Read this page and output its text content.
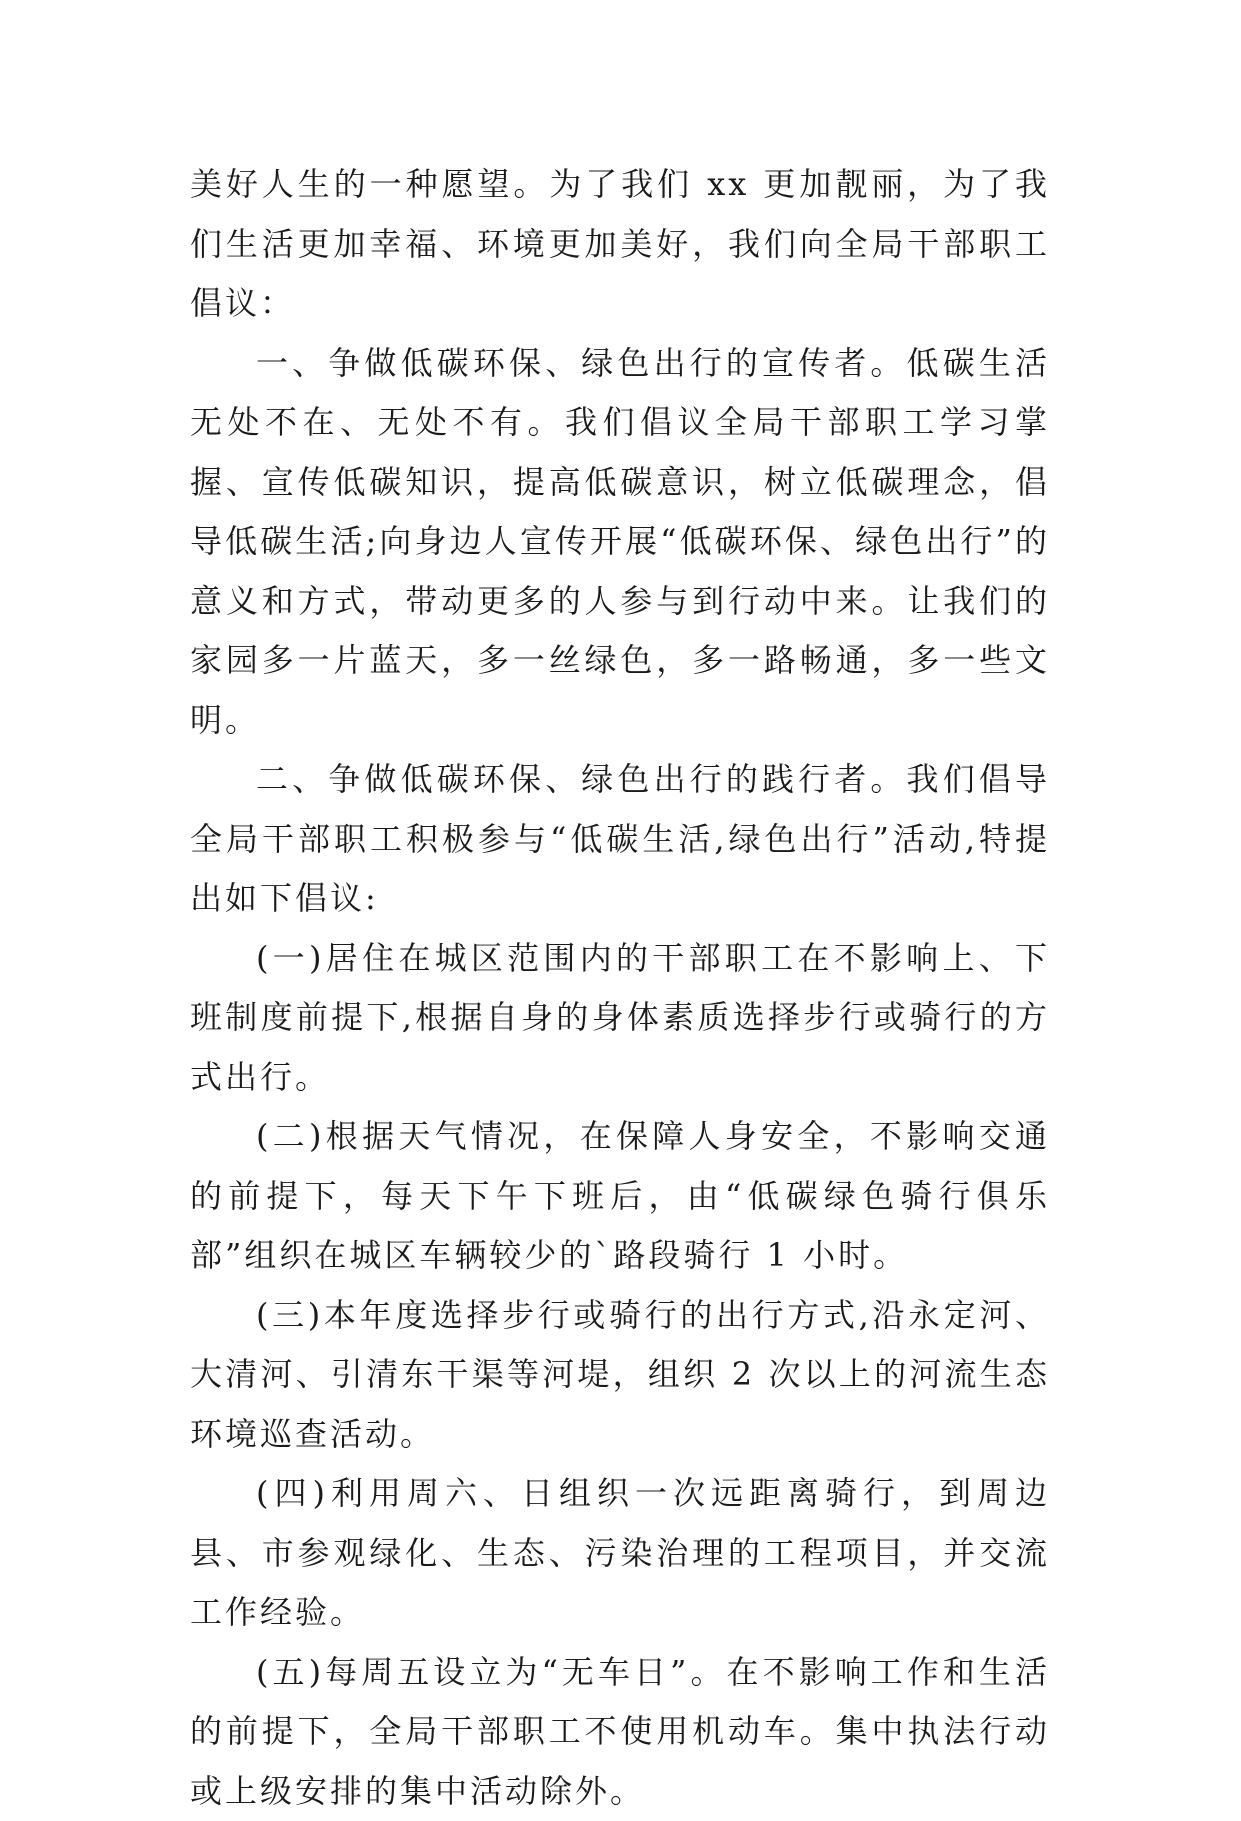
美好人生的一种愿望。为了我们 xx 更加靓丽，为了我们生活更加幸福、环境更加美好，我们向全局干部职工倡议：

一、争做低碳环保、绿色出行的宣传者。低碳生活无处不在、无处不有。我们倡议全局干部职工学习掌握、宣传低碳知识，提高低碳意识，树立低碳理念，倡导低碳生活;向身边人宣传开展“低碳环保、绿色出行”的意义和方式，带动更多的人参与到行动中来。让我们的家园多一片蓝天，多一丝绿色，多一路畅通，多一些文明。

二、争做低碳环保、绿色出行的践行者。我们倡导全局干部职工积极参与“低碳生活,绿色出行”活动,特提出如下倡议:

(一)居住在城区范围内的干部职工在不影响上、下班制度前提下,根据自身的身体素质选择步行或骑行的方式出行。

(二)根据天气情况，在保障人身安全，不影响交通的前提下，每天下午下班后，由“低碳绿色骑行俱乐部”组织在城区车辆较少的`路段骑行 1 小时。

(三)本年度选择步行或骑行的出行方式,沿永定河、大清河、引清东干渠等河堤，组织 2 次以上的河流生态环境巡查活动。

(四)利用周六、日组织一次远距离骑行，到周边县、市参观绿化、生态、污染治理的工程项目，并交流工作经验。

(五)每周五设立为“无车日”。在不影响工作和生活的前提下，全局干部职工不使用机动车。集中执法行动或上级安排的集中活动除外。
